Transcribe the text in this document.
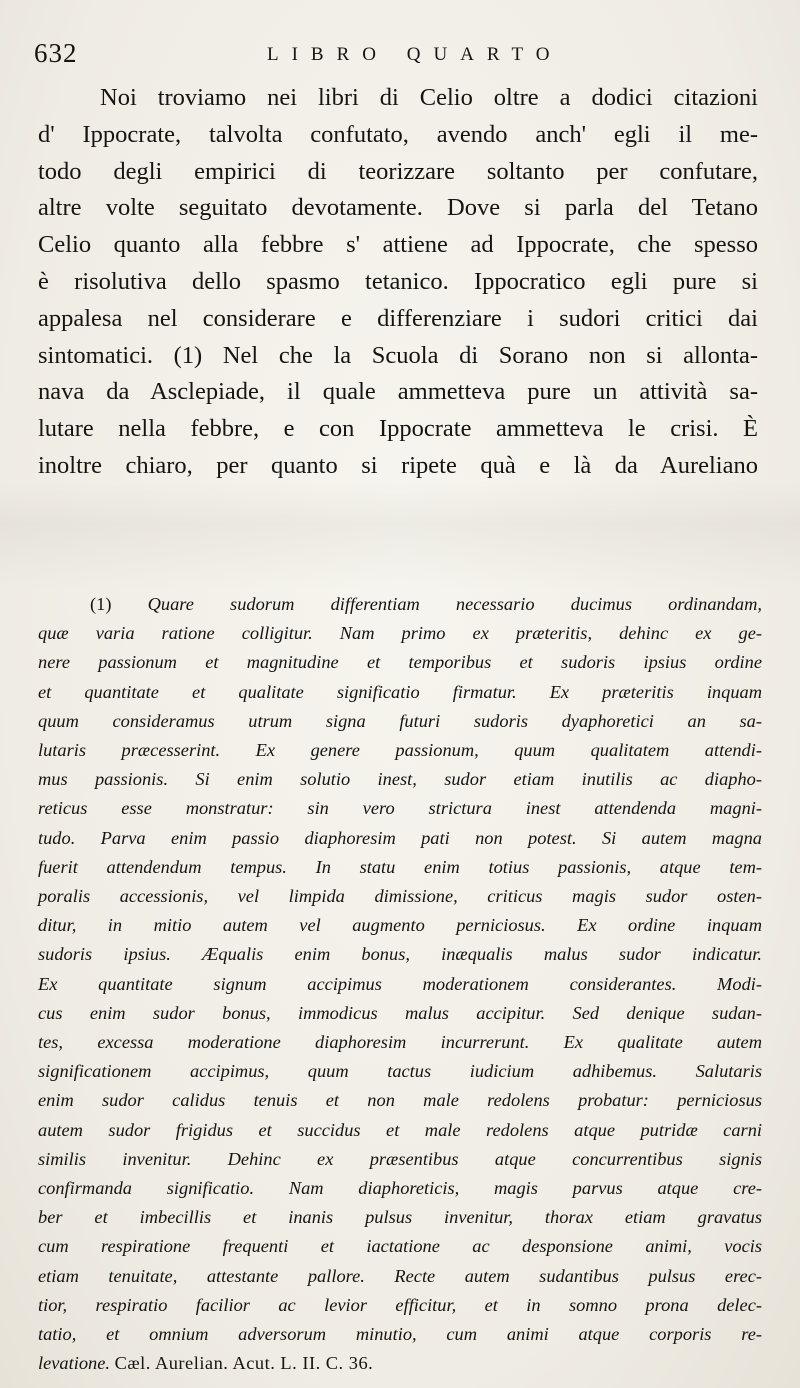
632	LIBRO QUARTO
Noi troviamo nei libri di Celio oltre a dodici citazioni
d' Ippocrate, talvolta confutato, avendo anch' egli il me-
todo degli empirici di teorizzare soltanto per confutare,
altre volte seguitato devotamente. Dove si parla del Tetano
Celio quanto alla febbre s' attiene ad Ippocrate, che spesso
è risolutiva dello spasmo tetanico. Ippocratico egli pure si
appalesa nel considerare e differenziare i sudori critici dai
sintomatici. (1) Nel che la Scuola di Sorano non si allonta-
nava da Asclepiade, il quale ammetteva pure un attività sa-
lutare nella febbre, e con Ippocrate ammetteva le crisi. È
inoltre chiaro, per quanto si ripete quà e là da Aureliano
(1) Quare sudorum differentiam necessario ducimus ordinandam,
quæ varia ratione colligitur. Nam primo ex præteritis, dehinc ex ge-
nere passionum et magnitudine et temporibus et sudoris ipsius ordine
et quantitate et qualitate significatio firmatur. Ex præteritis inquam
quum consideramus utrum signa futuri sudoris dyaphoretici an sa-
lutaris præcesserint. Ex genere passionum, quum qualitatem attendi-
mus passionis. Si enim solutio inest, sudor etiam inutilis ac diapho-
reticus esse monstratur: sin vero strictura inest attendenda magni-
tudo. Parva enim passio diaphoresim pati non potest. Si autem magna
fuerit attendendum tempus. In statu enim totius passionis, atque tem-
poralis accessionis, vel limpida dimissione, criticus magis sudor osten-
ditur, in mitio autem vel augmento perniciosus. Ex ordine inquam
sudoris ipsius. Æqualis enim bonus, inæqualis malus sudor indicatur.
Ex quantitate signum accipimus moderationem considerantes. Modi-
cus enim sudor bonus, immodicus malus accipitur. Sed denique sudan-
tes, excessa moderatione diaphoresim incurrerunt. Ex qualitate autem
significationem accipimus, quum tactus iudicium adhibemus. Salutaris
enim sudor calidus tenuis et non male redolens probatur: perniciosus
autem sudor frigidus et succidus et male redolens atque putridæ carni
similis invenitur. Dehinc ex præsentibus atque concurrentibus signis
confirmanda significatio. Nam diaphoreticis, magis parvus atque cre-
ber et imbecillis et inanis pulsus invenitur, thorax etiam gravatus
cum respiratione frequenti et iactatione ac desponsione animi, vocis
etiam tenuitate, attestante pallore. Recte autem sudantibus pulsus erec-
tior, respiratio facilior ac levior efficitur, et in somno prona delec-
tatio, et omnium adversorum minutio, cum animi atque corporis re-
levatione. Cæl. Aurelian. Acut. L. II. C. 36.
